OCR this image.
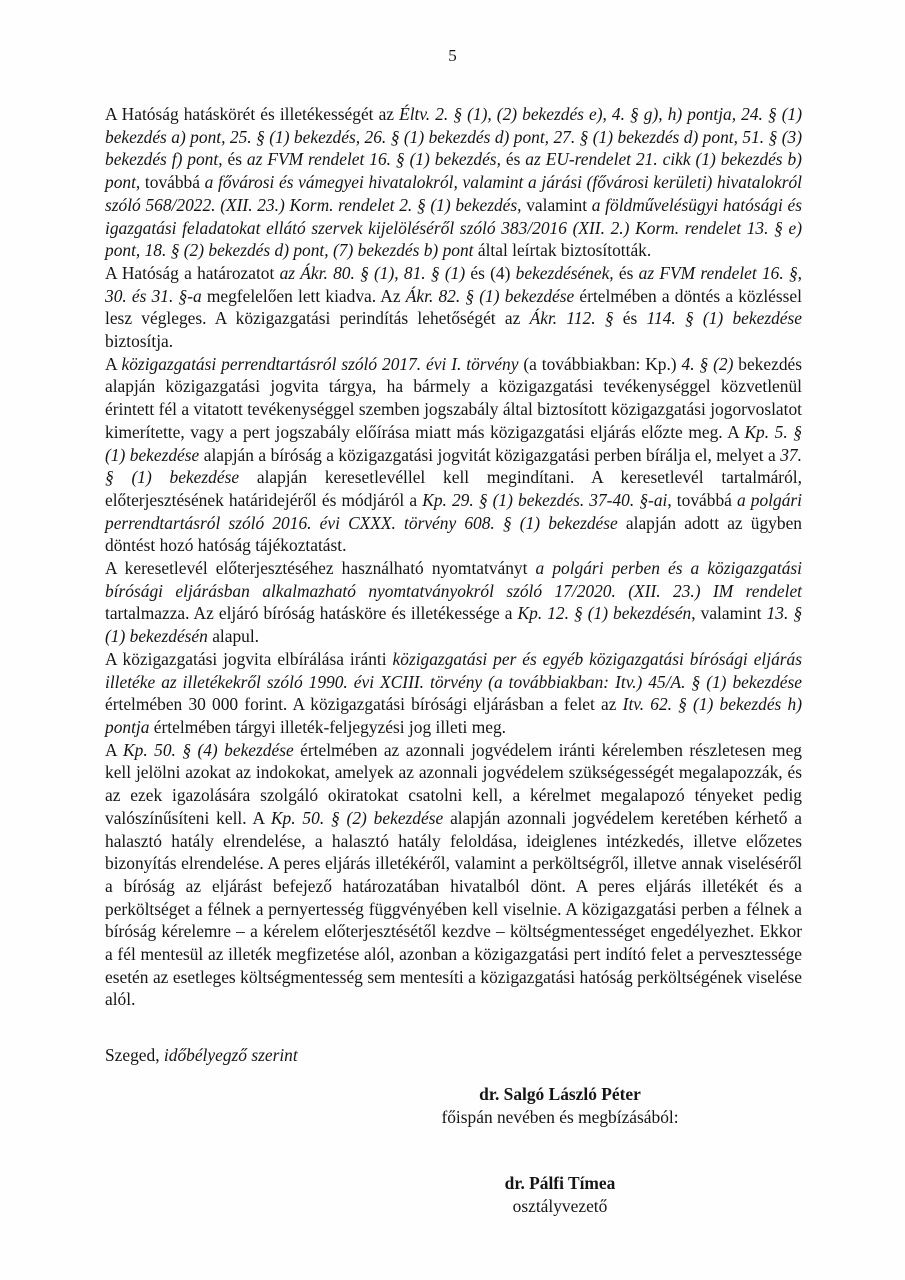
5

A Hatóság hatáskörét és illetékességét az Éltv. 2. § (1), (2) bekezdés e), 4. § g), h) pontja, 24. § (1) bekezdés a) pont, 25. § (1) bekezdés, 26. § (1) bekezdés d) pont, 27. § (1) bekezdés d) pont, 51. § (3) bekezdés f) pont, és az FVM rendelet 16. § (1) bekezdés, és az EU-rendelet 21. cikk (1) bekezdés b) pont, továbbá a fővárosi és vámegyei hivatalokról, valamint a járási (fővárosi kerületi) hivatalokról szóló 568/2022. (XII. 23.) Korm. rendelet 2. § (1) bekezdés, valamint a földművelésügyi hatósági és igazgatási feladatokat ellátó szervek kijelöléséről szóló 383/2016 (XII. 2.) Korm. rendelet 13. § e) pont, 18. § (2) bekezdés d) pont, (7) bekezdés b) pont által leírtak biztosították.

A Hatóság a határozatot az Ákr. 80. § (1), 81. § (1) és (4) bekezdésének, és az FVM rendelet 16. §, 30. és 31. §-a megfelelően lett kiadva. Az Ákr. 82. § (1) bekezdése értelmében a döntés a közléssel lesz végleges. A közigazgatási perindítás lehetőségét az Ákr. 112. § és 114. § (1) bekezdése biztosítja.

A közigazgatási perrendtartásról szóló 2017. évi I. törvény (a továbbiakban: Kp.) 4. § (2) bekezdés alapján közigazgatási jogvita tárgya, ha bármely a közigazgatási tevékenységgel közvetlenül érintett fél a vitatott tevékenységgel szemben jogszabály által biztosított közigazgatási jogorvoslatot kimerítette, vagy a pert jogszabály előírása miatt más közigazgatási eljárás előzte meg. A Kp. 5. § (1) bekezdése alapján a bíróság a közigazgatási jogvitát közigazgatási perben bírálja el, melyet a 37. § (1) bekezdése alapján keresetlevéllel kell megindítani. A keresetlevél tartalmáról, előterjesztésének határidejéről és módjáról a Kp. 29. § (1) bekezdés. 37-40. §-ai, továbbá a polgári perrendtartásról szóló 2016. évi CXXX. törvény 608. § (1) bekezdése alapján adott az ügyben döntést hozó hatóság tájékoztatást.

A keresetlevél előterjesztéséhez használható nyomtatványt a polgári perben és a közigazgatási bírósági eljárásban alkalmazható nyomtatványokról szóló 17/2020. (XII. 23.) IM rendelet tartalmazza. Az eljáró bíróság hatásköre és illetékessége a Kp. 12. § (1) bekezdésén, valamint 13. § (1) bekezdésén alapul.

A közigazgatási jogvita elbírálása iránti közigazgatási per és egyéb közigazgatási bírósági eljárás illetéke az illetékekről szóló 1990. évi XCIII. törvény (a továbbiakban: Itv.) 45/A. § (1) bekezdése értelmében 30 000 forint. A közigazgatási bírósági eljárásban a felet az Itv. 62. § (1) bekezdés h) pontja értelmében tárgyi illeték-feljegyzési jog illeti meg.

A Kp. 50. § (4) bekezdése értelmében az azonnali jogvédelem iránti kérelemben részletesen meg kell jelölni azokat az indokokat, amelyek az azonnali jogvédelem szükségességét megalapozzák, és az ezek igazolására szolgáló okiratokat csatolni kell, a kérelmet megalapozó tényeket pedig valószínűsíteni kell. A Kp. 50. § (2) bekezdése alapján azonnali jogvédelem keretében kérhető a halasztó hatály elrendelése, a halasztó hatály feloldása, ideiglenes intézkedés, illetve előzetes bizonyítás elrendelése. A peres eljárás illetékéről, valamint a perköltségről, illetve annak viseléséről a bíróság az eljárást befejező határozatában hivatalból dönt. A peres eljárás illetékét és a perköltséget a félnek a pernyertesség függvényében kell viselnie. A közigazgatási perben a félnek a bíróság kérelemre – a kérelem előterjesztésétől kezdve – költségmentességet engedélyezhet. Ekkor a fél mentesül az illeték megfizetése alól, azonban a közigazgatási pert indító felet a pervesztessége esetén az esetleges költségmentesség sem mentesíti a közigazgatási hatóság perköltségének viselése alól.

Szeged, időbélyegző szerint

dr. Salgó László Péter
főispán nevében és megbízásából:
dr. Pálfi Tímea
osztályvezető
